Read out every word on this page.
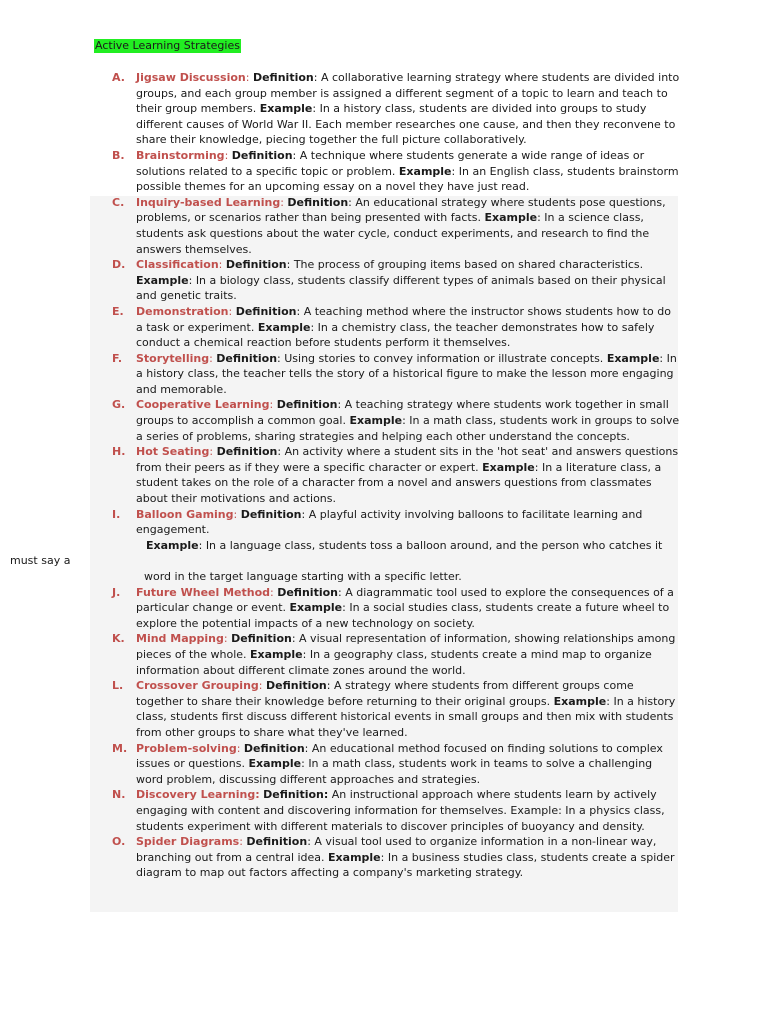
Active Learning Strategies
A. Jigsaw Discussion: Definition: A collaborative learning strategy where students are divided into groups, and each group member is assigned a different segment of a topic to learn and teach to their group members. Example: In a history class, students are divided into groups to study different causes of World War II. Each member researches one cause, and then they reconvene to share their knowledge, piecing together the full picture collaboratively.
B. Brainstorming: Definition: A technique where students generate a wide range of ideas or solutions related to a specific topic or problem. Example: In an English class, students brainstorm possible themes for an upcoming essay on a novel they have just read.
C. Inquiry-based Learning: Definition: An educational strategy where students pose questions, problems, or scenarios rather than being presented with facts. Example: In a science class, students ask questions about the water cycle, conduct experiments, and research to find the answers themselves.
D. Classification: Definition: The process of grouping items based on shared characteristics. Example: In a biology class, students classify different types of animals based on their physical and genetic traits.
E. Demonstration: Definition: A teaching method where the instructor shows students how to do a task or experiment. Example: In a chemistry class, the teacher demonstrates how to safely conduct a chemical reaction before students perform it themselves.
F. Storytelling: Definition: Using stories to convey information or illustrate concepts. Example: In a history class, the teacher tells the story of a historical figure to make the lesson more engaging and memorable.
G. Cooperative Learning: Definition: A teaching strategy where students work together in small groups to accomplish a common goal. Example: In a math class, students work in groups to solve a series of problems, sharing strategies and helping each other understand the concepts.
H. Hot Seating: Definition: An activity where a student sits in the 'hot seat' and answers questions from their peers as if they were a specific character or expert. Example: In a literature class, a student takes on the role of a character from a novel and answers questions from classmates about their motivations and actions.
I. Balloon Gaming: Definition: A playful activity involving balloons to facilitate learning and engagement.
Example: In a language class, students toss a balloon around, and the person who catches it must say a
word in the target language starting with a specific letter.
J. Future Wheel Method: Definition: A diagrammatic tool used to explore the consequences of a particular change or event. Example: In a social studies class, students create a future wheel to explore the potential impacts of a new technology on society.
K. Mind Mapping: Definition: A visual representation of information, showing relationships among pieces of the whole. Example: In a geography class, students create a mind map to organize information about different climate zones around the world.
L. Crossover Grouping: Definition: A strategy where students from different groups come together to share their knowledge before returning to their original groups. Example: In a history class, students first discuss different historical events in small groups and then mix with students from other groups to share what they've learned.
M. Problem-solving: Definition: An educational method focused on finding solutions to complex issues or questions. Example: In a math class, students work in teams to solve a challenging word problem, discussing different approaches and strategies.
N. Discovery Learning: Definition: An instructional approach where students learn by actively engaging with content and discovering information for themselves. Example: In a physics class, students experiment with different materials to discover principles of buoyancy and density.
O. Spider Diagrams: Definition: A visual tool used to organize information in a non-linear way, branching out from a central idea. Example: In a business studies class, students create a spider diagram to map out factors affecting a company's marketing strategy.
